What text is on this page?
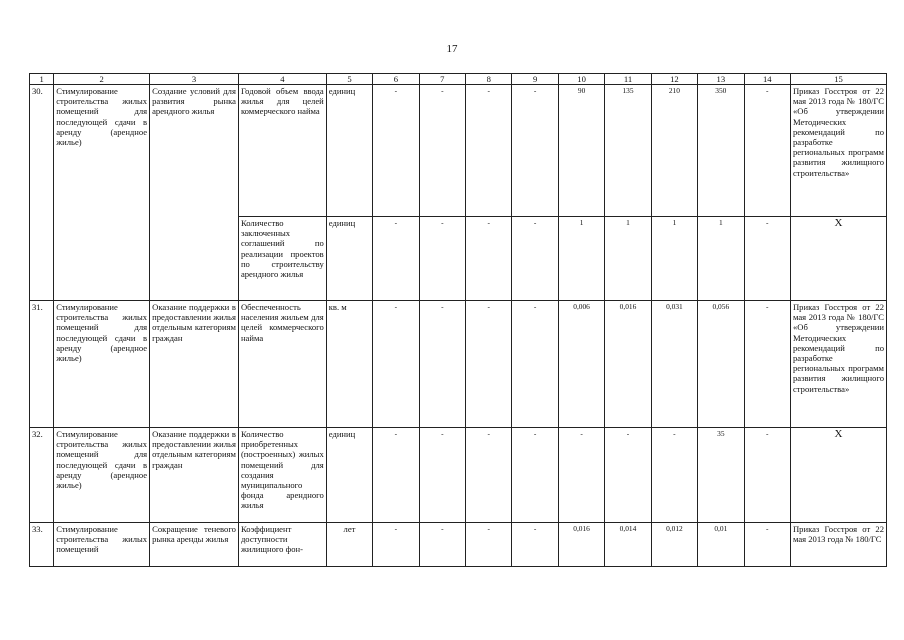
17
1	2	3	4	5	6	7	8	9	10	11	12	13	14	15
30.	Стимулирование строительства жилых помещений для последующей сдачи в аренду (арендное жилье)	Создание условий для развития рынка арендного жилья	Годовой объем ввода жилья для целей коммерческого найма	единиц	-	-	-	-	90	135	210	350	-	Приказ Госстроя от 22 мая 2013 года № 180/ГС «Об утверждении Методических рекомендаций по разработке региональных программ развития жилищного строительства»
			Количество заключенных соглашений по реализации проектов по строительству арендного жилья	единиц	-	-	-	-	1	1	1	1	-	Х
31.	Стимулирование строительства жилых помещений для последующей сдачи в аренду (арендное жилье)	Оказание поддержки в предоставлении жилья отдельным категориям граждан	Обеспеченность населения жильем для целей коммерческого найма	кв. м	-	-	-	-	0,006	0,016	0,031	0,056	-	Приказ Госстроя от 22 мая 2013 года № 180/ГС «Об утверждении Методических рекомендаций по разработке региональных программ развития жилищного строительства»
32.	Стимулирование строительства жилых помещений для последующей сдачи в аренду (арендное жилье)	Оказание поддержки в предоставлении жилья отдельным категориям граждан	Количество приобретенных (построенных) жилых помещений для создания муниципального фонда арендного жилья	единиц	-	-	-	-	-	-	-	35	-	Х
33.	Стимулирование строительства жилых помещений	Сокращение теневого рынка аренды жилья	Коэффициент доступности жилищного фон-	лет	-	-	-	-	0,016	0,014	0,012	0,01	-	Приказ Госстроя от 22 мая 2013 года № 180/ГС
